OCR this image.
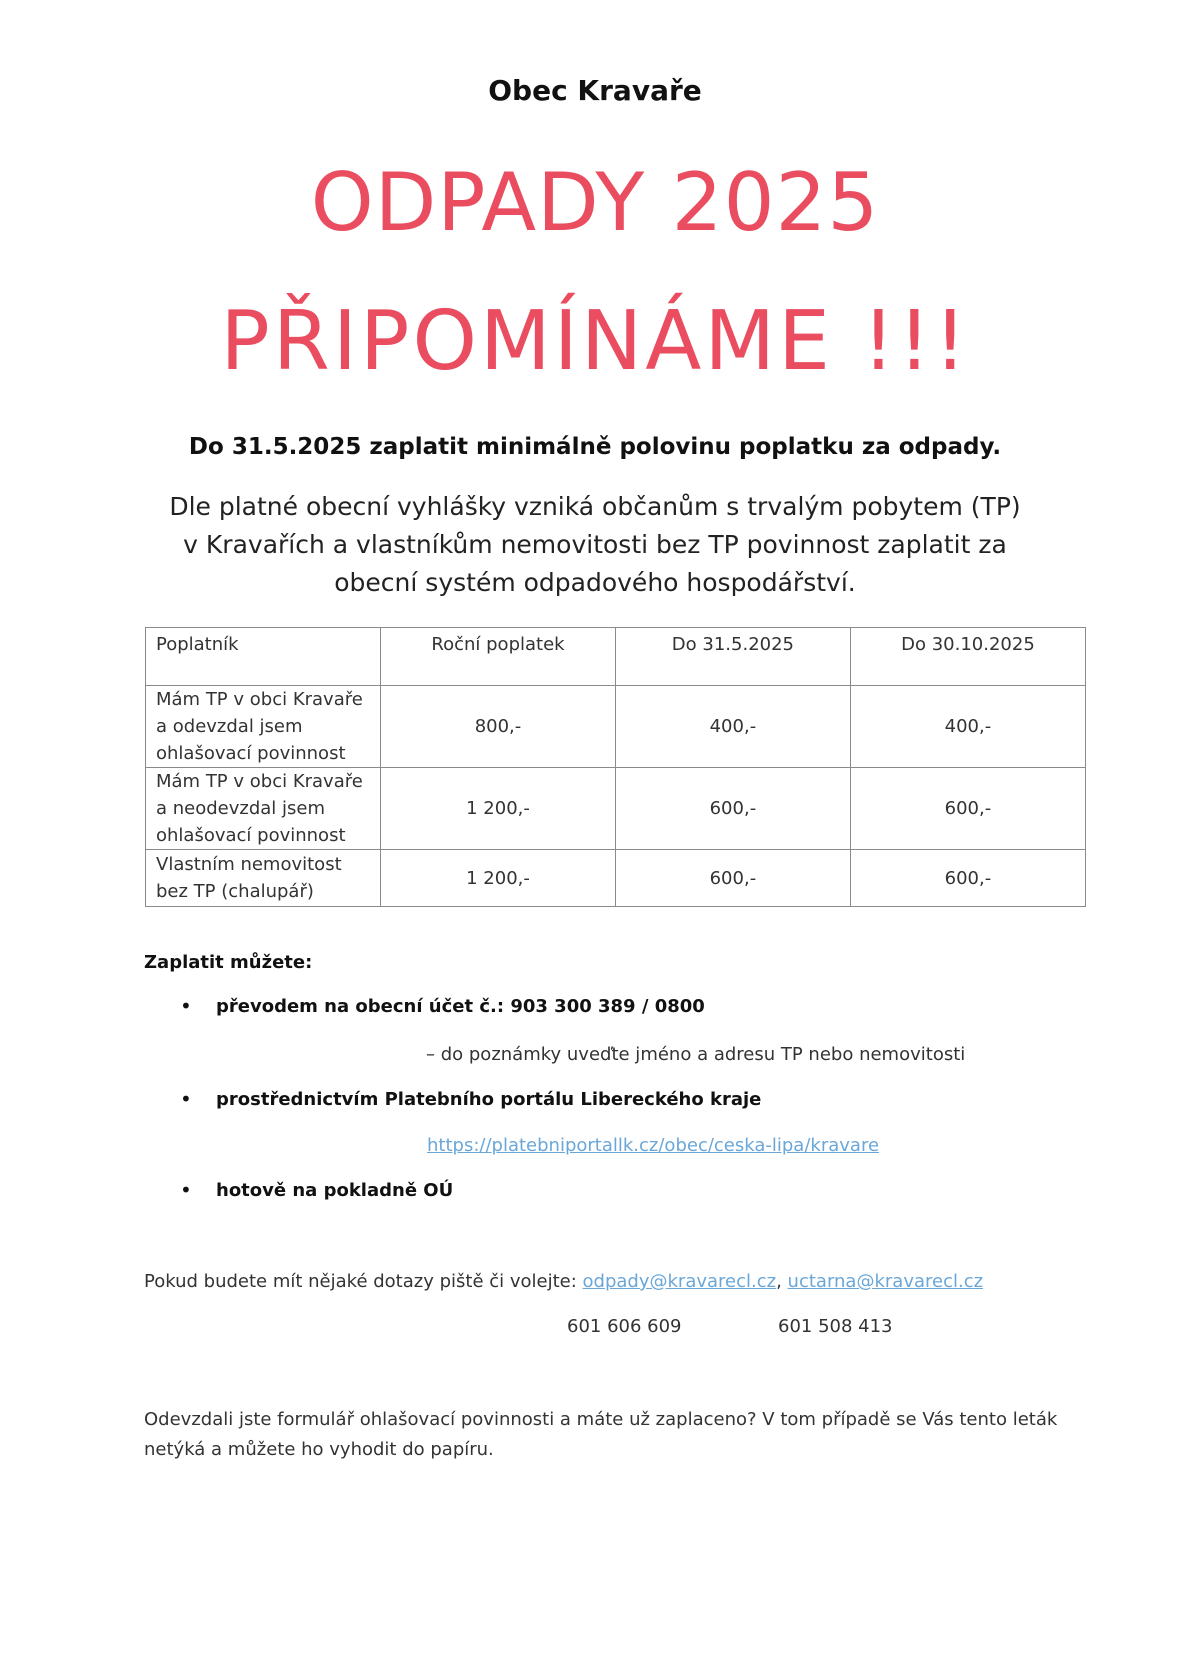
Obec Kravaře
ODPADY 2025
PŘIPOMÍNÁME !!!
Do 31.5.2025 zaplatit minimálně polovinu poplatku za odpady.
Dle platné obecní vyhlášky vzniká občanům s trvalým pobytem (TP)
v Kravařích a vlastníkům nemovitosti bez TP povinnost zaplatit za
obecní systém odpadového hospodářství.
Poplatník	Roční poplatek	Do 31.5.2025	Do 30.10.2025

Mám TP v obci Kravaře
a odevzdal jsem
ohlašovací povinnost	800,-	400,-	400,-

Mám TP v obci Kravaře
a neodevzdal jsem
ohlašovací povinnost	1 200,-	600,-	600,-

Vlastním nemovitost
bez TP (chalupář)	1 200,-	600,-	600,-
Zaplatit můžete:
• převodem na obecní účet č.: 903 300 389 / 0800
– do poznámky uveďte jméno a adresu TP nebo nemovitosti
• prostřednictvím Platebního portálu Libereckého kraje
https://platebniportallk.cz/obec/ceska-lipa/kravare
• hotově na pokladně OÚ
Pokud budete mít nějaké dotazy piště či volejte: odpady@kravarecl.cz, uctarna@kravarecl.cz
601 606 609	601 508 413
Odevzdali jste formulář ohlašovací povinnosti a máte už zaplaceno? V tom případě se Vás tento leták
netýká a můžete ho vyhodit do papíru.
